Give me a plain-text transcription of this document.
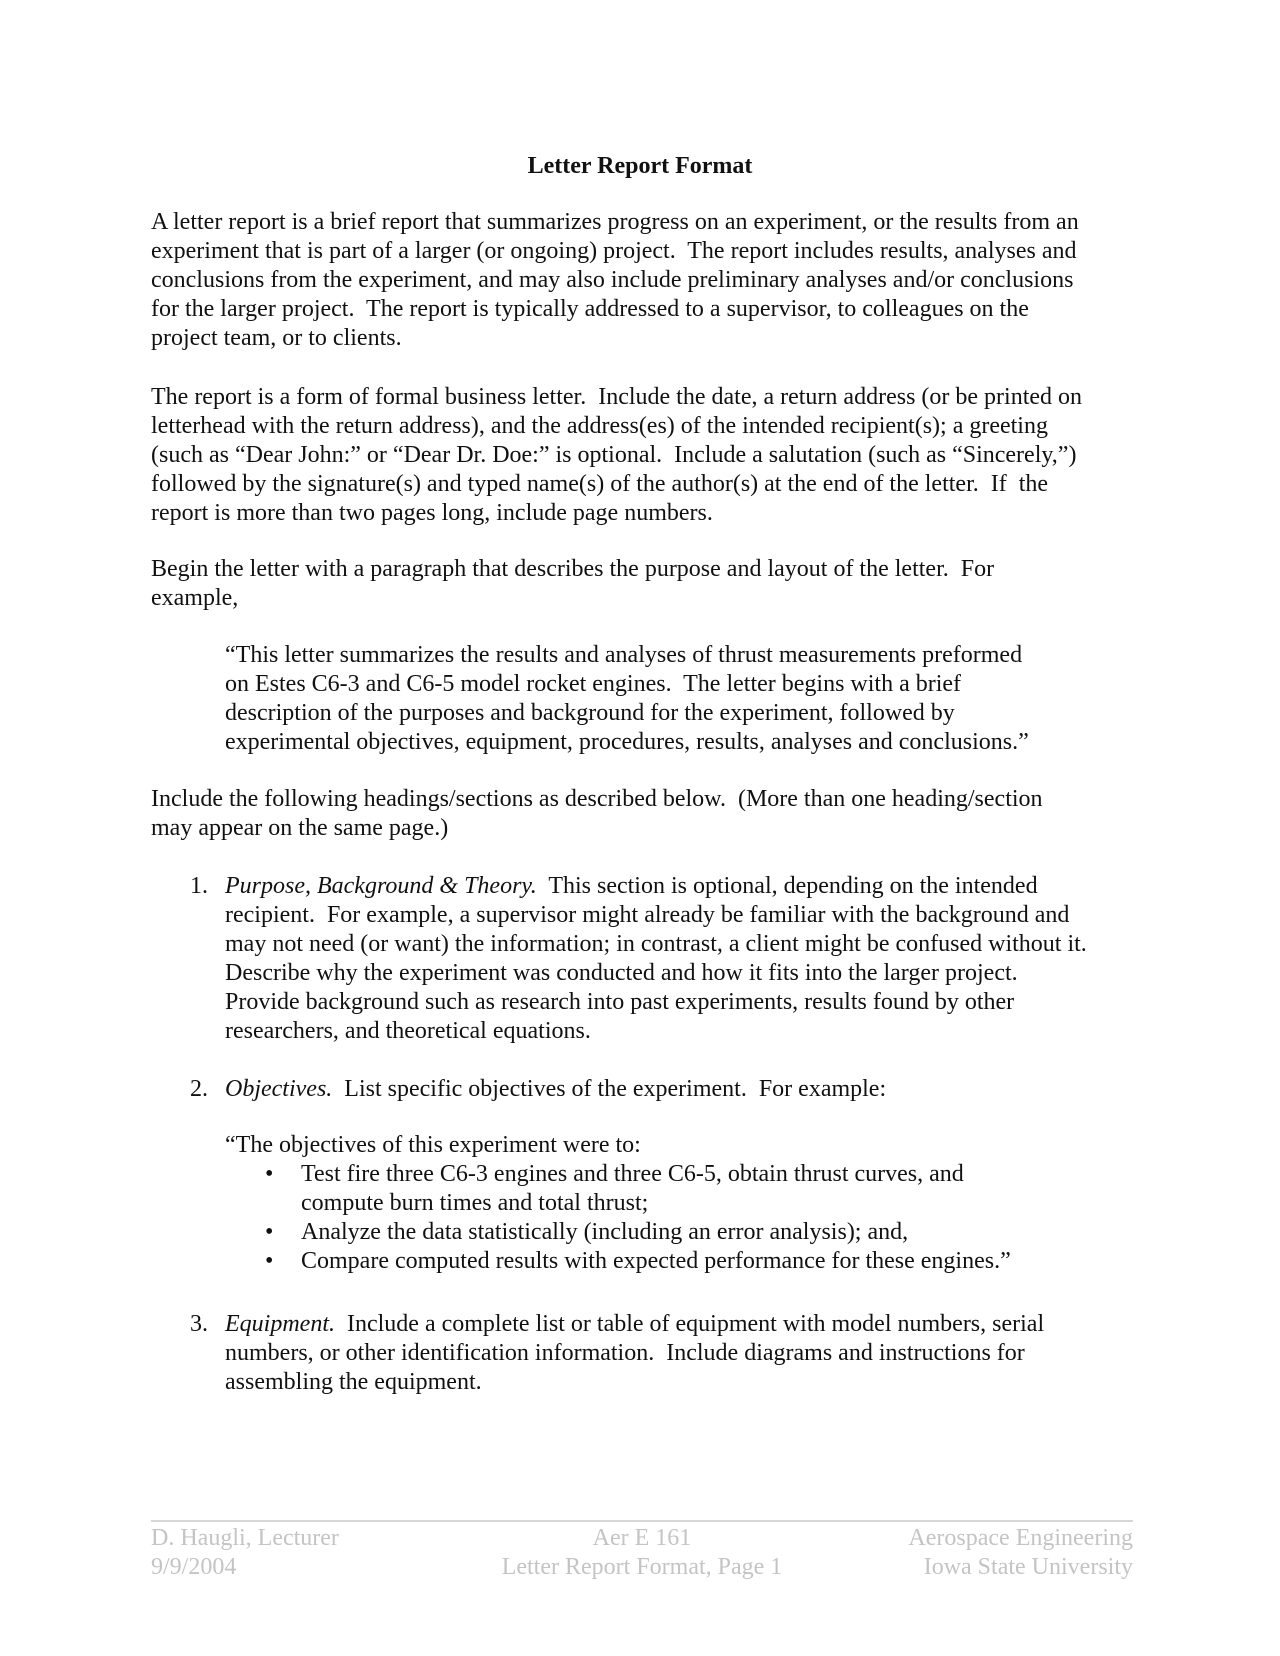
Letter Report Format
A letter report is a brief report that summarizes progress on an experiment, or the results from an
experiment that is part of a larger (or ongoing) project.  The report includes results, analyses and
conclusions from the experiment, and may also include preliminary analyses and/or conclusions
for the larger project.  The report is typically addressed to a supervisor, to colleagues on the
project team, or to clients.
The report is a form of formal business letter.  Include the date, a return address (or be printed on
letterhead with the return address), and the address(es) of the intended recipient(s); a greeting
(such as “Dear John:” or “Dear Dr. Doe:” is optional.  Include a salutation (such as “Sincerely,”)
followed by the signature(s) and typed name(s) of the author(s) at the end of the letter.  If  the
report is more than two pages long, include page numbers.
Begin the letter with a paragraph that describes the purpose and layout of the letter.  For
example,
“This letter summarizes the results and analyses of thrust measurements preformed
on Estes C6-3 and C6-5 model rocket engines.  The letter begins with a brief
description of the purposes and background for the experiment, followed by
experimental objectives, equipment, procedures, results, analyses and conclusions.”
Include the following headings/sections as described below.  (More than one heading/section
may appear on the same page.)
1. Purpose, Background & Theory.  This section is optional, depending on the intended
recipient.  For example, a supervisor might already be familiar with the background and
may not need (or want) the information; in contrast, a client might be confused without it.
Describe why the experiment was conducted and how it fits into the larger project.
Provide background such as research into past experiments, results found by other
researchers, and theoretical equations.
2. Objectives.  List specific objectives of the experiment.  For example:
“The objectives of this experiment were to:
• Test fire three C6-3 engines and three C6-5, obtain thrust curves, and
compute burn times and total thrust;
• Analyze the data statistically (including an error analysis); and,
• Compare computed results with expected performance for these engines.”
3. Equipment.  Include a complete list or table of equipment with model numbers, serial
numbers, or other identification information.  Include diagrams and instructions for
assembling the equipment.
D. Haugli, Lecturer
9/9/2004
Aer E 161
Letter Report Format, Page 1
Aerospace Engineering
Iowa State University
